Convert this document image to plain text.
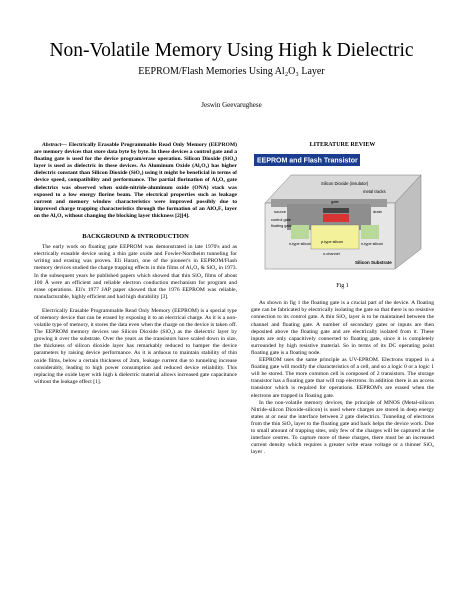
Non-Volatile Memory Using High k Dielectric
EEPROM/Flash Memories Using Al₂O₃ Layer
Jeswin Geevarughese

Abstract— Electrically Erasable Programmable Read Only Memory (EEPROM) are memory devices that store data byte by byte. In these devices a control gate and a floating gate is used for the device program/erase operation. Silicon Dioxide (SiO₂) layer is used as dielectric in these devices. As Aluminum Oxide (Al₂O₃) has higher dielectric constant than Silicon Dioxide (SiO₂) using it might be beneficial in terms of device speed, compatibility and performance. The partial florination of Al₂O₃ gate dielectrics was observed when oxide-nitride-aluminum oxide (ONA) stack was exposed to a low energy florine beam. The electrical properties such as leakage current and memory window characteristics were improved possibly due to improved charge trapping characteristics through the formation of an AlOₓFᵧ layer on the Al₂O₃ without changing the blocking layer thickness [2][4].

BACKGROUND & INTRODUCTION

The early work on floating gate EEPROM was demonstrated in late 1970's and as electrically erasable device using a thin gate oxide and Fowler-Nordheim tunneling for writing and erasing was proven. Eli Harari, one of the pioneer's in EEPROM/Flash memory devices studied the charge trapping effects in thin films of Al₂O₃ & SiO₂ in 1973. In the subsequent years he published papers which showed that thin SiO₂ films of about 100 Å were an efficient and reliable electron conduction mechanism for program and erase operations. Eli's 1977 JAP paper showed that the 1976 EEPROM was reliable, manufacturable, highly efficient and had high durability [3].

Electrically Erasable Programmable Read Only Memory (EEPROM) is a special type of memory device that can be erased by exposing it to an electrical charge. As it is a non-volatile type of memory, it stores the data even when the charge on the device is taken off. The EEPROM memory devices use Silicon Dioxide (SiO₂) as the dielectric layer by growing it over the substrate. Over the years as the transistors have scaled down in size, the thickness of silicon dioxide layer has remarkably reduced to hamper the device parameters by raising device performance. As it is arduous to maintain stability of thin oxide films, below a certain thickness of 2nm, leakage current due to tunneling increase considerably, leading to high power consumption and reduced device reliability. This replacing the oxide layer with high k dielectric material allows increased gate capacitance without the leakage effect [1].

LITERATURE REVIEW
EEPROM and Flash Transistor
metal tracks
Silicon Dioxide (insulator)
source
gate
drain
control gate
floating gate
n-type silicon	p-type silicon	n-type silicon
n-channel
Silicon Substrate
Fig 1

As shown in fig 1 the floating gate is a crucial part of the device. A floating gate can be fabricated by electrically isolating the gate so that there is no resistive connection to its control gate. A thin SiO₂ layer is to be maintained between the channel and floating gate. A number of secondary gates or inputs are then deposited above the floating gate and are electrically isolated from it. These inputs are only capacitively connected to floating gate, since it is completely surrounded by high resistive material. So in terms of its DC operating point floating gate is a floating node.

EEPROM uses the same principle as UV-EPROM. Electrons trapped in a floating gate will modify the characteristics of a cell, and so a logic 0 or a logic 1 will be stored. The more common cell is composed of 2 transistors. The storage transistor has a floating gate that will trap electrons. In addition there is an access transistor which is required for operations. EEPROM's are erased when the electrons are trapped in floating gate.

In the non-volatile memory devices, the principle of MNOS (Metal-silicon Nitride-silicon Dioxide-silicon) is used where charges are stored in deep energy states at or near the interface between 2 gate dielectrics. Tunneling of electrons from the thin SiO₂ layer to the floating gate and back helps the device work. Due to small amount of trapping sites, only few of the charges will be captured at the interface centres. To capture more of these charges, there must be an increased current density which requires a greater write erase voltage or a thinner SiO₂ layer .
